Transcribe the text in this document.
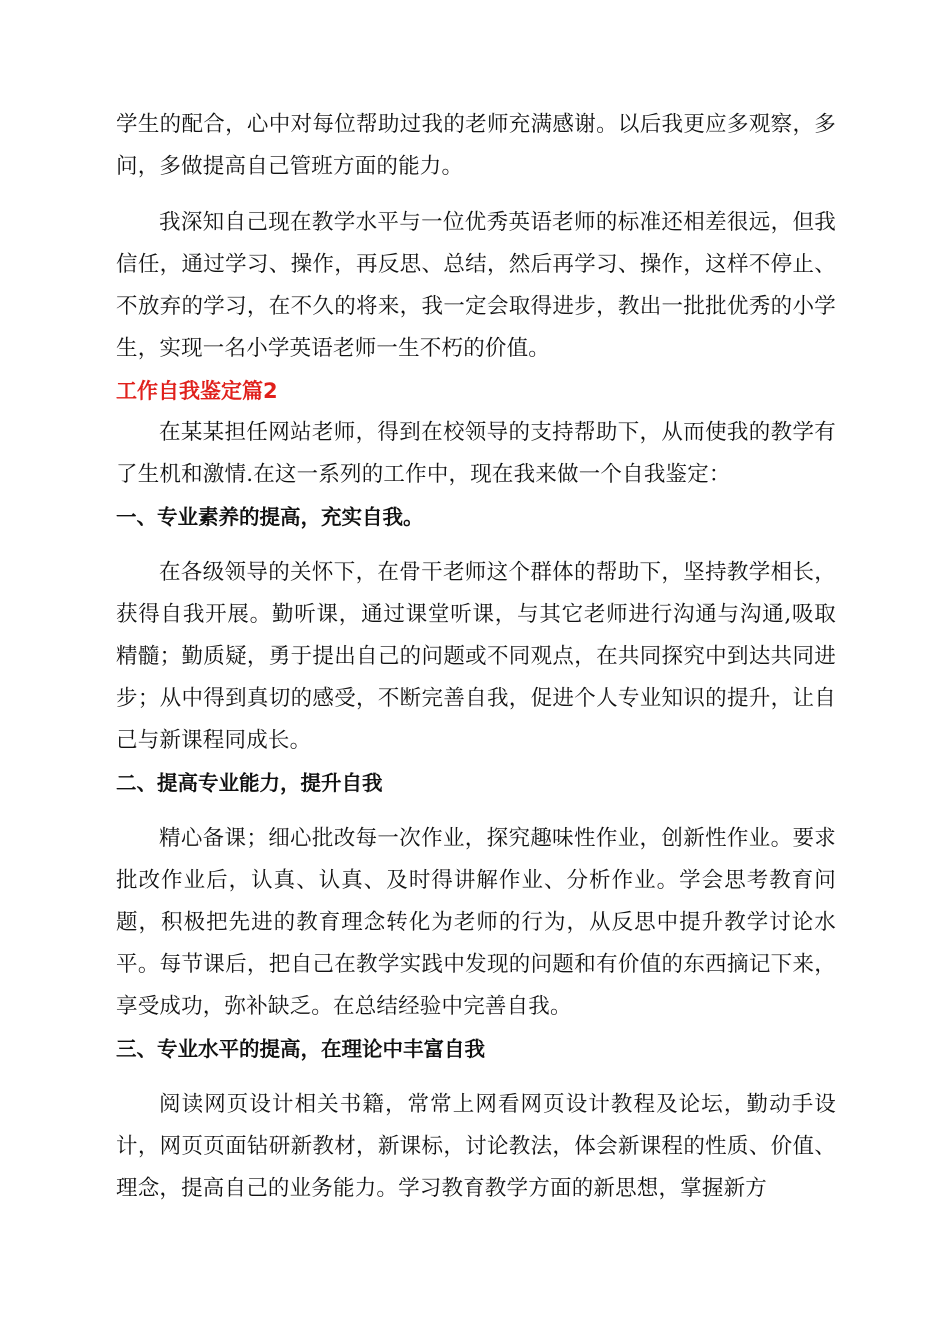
学生的配合，心中对每位帮助过我的老师充满感谢。以后我更应多观察，多问，多做提高自己管班方面的能力。

我深知自己现在教学水平与一位优秀英语老师的标准还相差很远，但我信任，通过学习、操作，再反思、总结，然后再学习、操作，这样不停止、不放弃的学习，在不久的将来，我一定会取得进步，教出一批批优秀的小学生，实现一名小学英语老师一生不朽的价值。

工作自我鉴定篇2

在某某担任网站老师，得到在校领导的支持帮助下，从而使我的教学有了生机和激情.在这一系列的工作中，现在我来做一个自我鉴定：

一、专业素养的提高，充实自我。

在各级领导的关怀下，在骨干老师这个群体的帮助下，坚持教学相长，获得自我开展。勤听课，通过课堂听课，与其它老师进行沟通与沟通,吸取精髓；勤质疑，勇于提出自己的问题或不同观点，在共同探究中到达共同进步；从中得到真切的感受，不断完善自我，促进个人专业知识的提升，让自己与新课程同成长。

二、提高专业能力，提升自我

精心备课；细心批改每一次作业，探究趣味性作业，创新性作业。要求批改作业后，认真、认真、及时得讲解作业、分析作业。学会思考教育问题，积极把先进的教育理念转化为老师的行为，从反思中提升教学讨论水平。每节课后，把自己在教学实践中发现的问题和有价值的东西摘记下来，享受成功，弥补缺乏。在总结经验中完善自我。

三、专业水平的提高，在理论中丰富自我

阅读网页设计相关书籍，常常上网看网页设计教程及论坛，勤动手设计，网页页面钻研新教材，新课标，讨论教法，体会新课程的性质、价值、理念，提高自己的业务能力。学习教育教学方面的新思想，掌握新方
